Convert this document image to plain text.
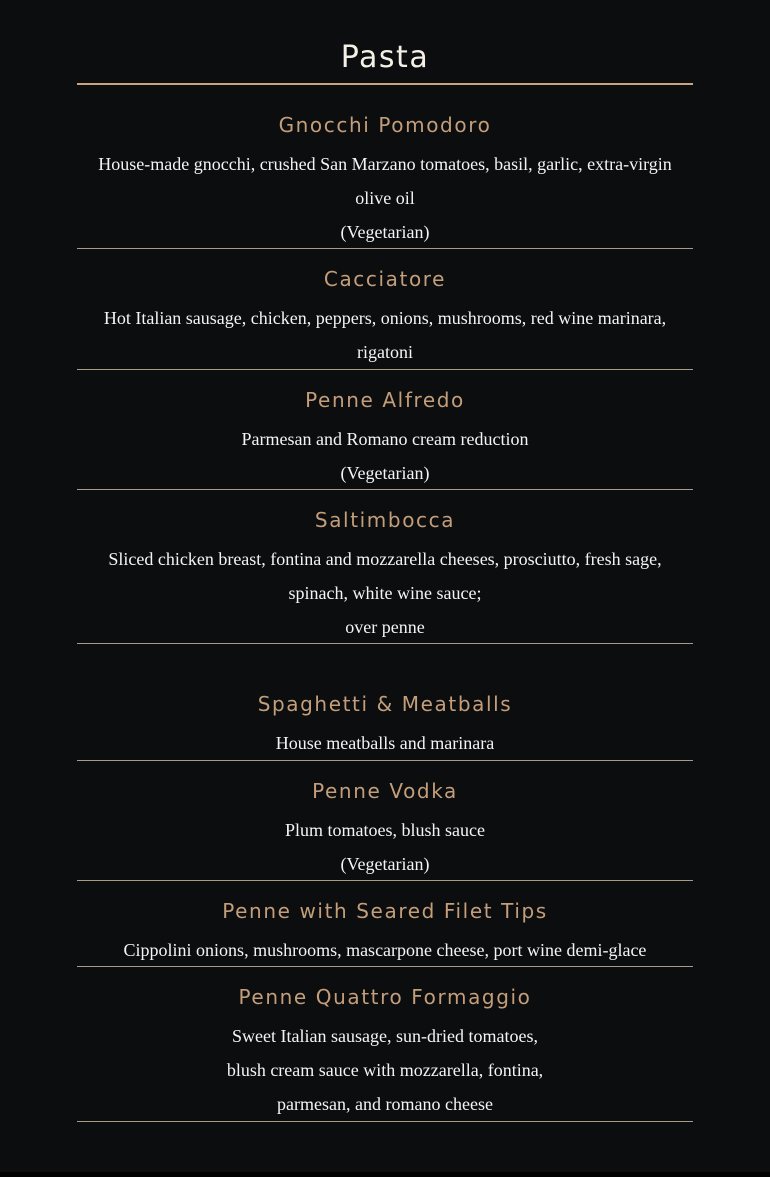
Pasta
Gnocchi Pomodoro
House-made gnocchi, crushed San Marzano tomatoes, basil, garlic, extra-virgin
olive oil
(Vegetarian)
Cacciatore
Hot Italian sausage, chicken, peppers, onions, mushrooms, red wine marinara,
rigatoni
Penne Alfredo
Parmesan and Romano cream reduction
(Vegetarian)
Saltimbocca
Sliced chicken breast, fontina and mozzarella cheeses, prosciutto, fresh sage,
spinach, white wine sauce;
over penne
Spaghetti & Meatballs
House meatballs and marinara
Penne Vodka
Plum tomatoes, blush sauce
(Vegetarian)
Penne with Seared Filet Tips
Cippolini onions, mushrooms, mascarpone cheese, port wine demi-glace
Penne Quattro Formaggio
Sweet Italian sausage, sun-dried tomatoes,
blush cream sauce with mozzarella, fontina,
parmesan, and romano cheese
